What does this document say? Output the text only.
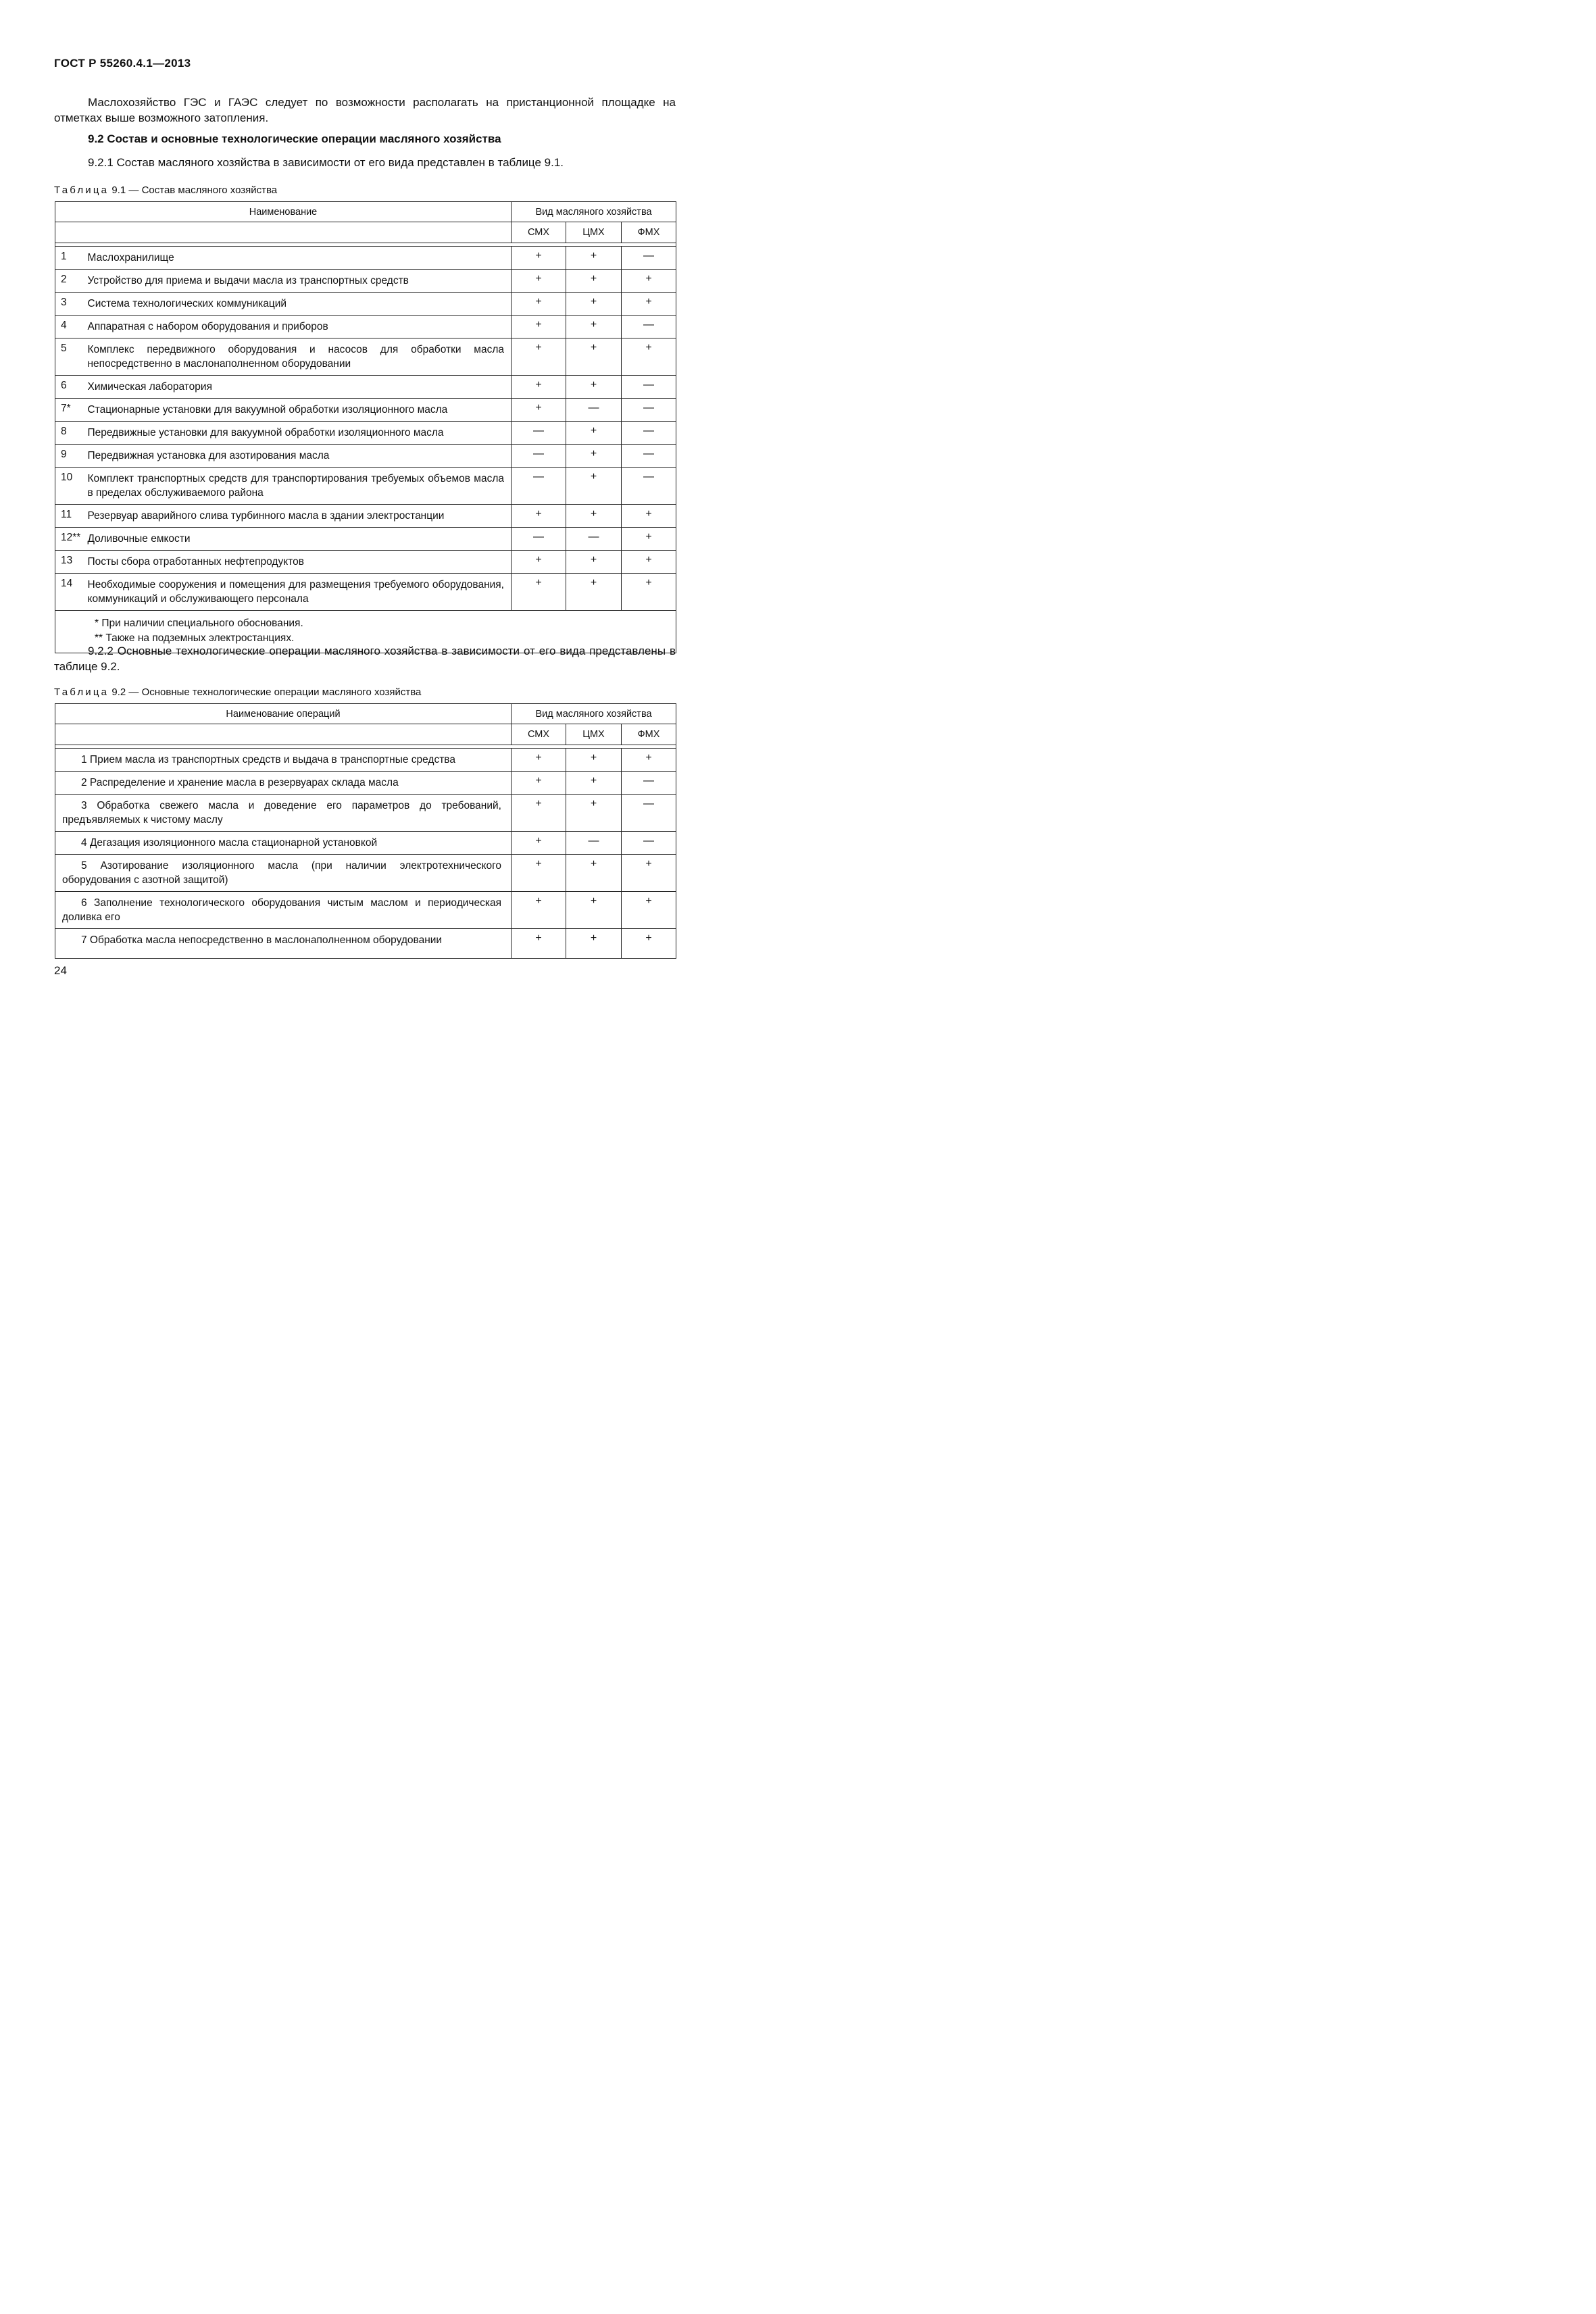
ГОСТ Р 55260.4.1—2013
Маслохозяйство ГЭС и ГАЭС следует по возможности располагать на пристанционной площадке на отметках выше возможного затопления.
9.2 Состав и основные технологические операции масляного хозяйства
9.2.1 Состав масляного хозяйства в зависимости от его вида представлен в таблице 9.1.
Таблица 9.1 — Состав масляного хозяйства
Наименование		Вид масляного хозяйства		
		СМХ	ЦМХ	ФМХ

1	Маслохранилище	+	+	—
2	Устройство для приема и выдачи масла из транспортных средств	+	+	+
3	Система технологических коммуникаций	+	+	+
4	Аппаратная с набором оборудования и приборов	+	+	—
5	Комплекс передвижного оборудования и насосов для обработки масла непосредственно в маслонаполненном оборудовании	+	+	+
6	Химическая лаборатория	+	+	—
7*	Стационарные установки для вакуумной обработки изоляционного масла	+	—	—
8	Передвижные установки для вакуумной обработки изоляционного масла	—	+	—
9	Передвижная установка для азотирования масла	—	+	—
10	Комплект транспортных средств для транспортирования требуемых объемов масла в пределах обслуживаемого района	—	+	—
11	Резервуар аварийного слива турбинного масла в здании электростанции	+	+	+
12**	Доливочные емкости	—	—	+
13	Посты сбора отработанных нефтепродуктов	+	+	+
14	Необходимые сооружения и помещения для размещения требуемого оборудования, коммуникаций и обслуживающего персонала	+	+	+

* При наличии специального обоснования.
** Также на подземных электростанциях.				
9.2.2 Основные технологические операции масляного хозяйства в зависимости от его вида представлены в таблице 9.2.
Таблица 9.2 — Основные технологические операции масляного хозяйства
Наименование операций	Вид масляного хозяйства		
	СМХ	ЦМХ	ФМХ

1 Прием масла из транспортных средств и выдача в транспортные средства	+	+	+
2 Распределение и хранение масла в резервуарах склада масла	+	+	—
3 Обработка свежего масла и доведение его параметров до требований, предъявляемых к чистому маслу	+	+	—
4 Дегазация изоляционного масла стационарной установкой	+	—	—
5 Азотирование изоляционного масла (при наличии электротехнического оборудования с азотной защитой)	+	+	+
6 Заполнение технологического оборудования чистым маслом и периодическая доливка его	+	+	+
7 Обработка масла непосредственно в маслонаполненном оборудовании	+	+	+
24
